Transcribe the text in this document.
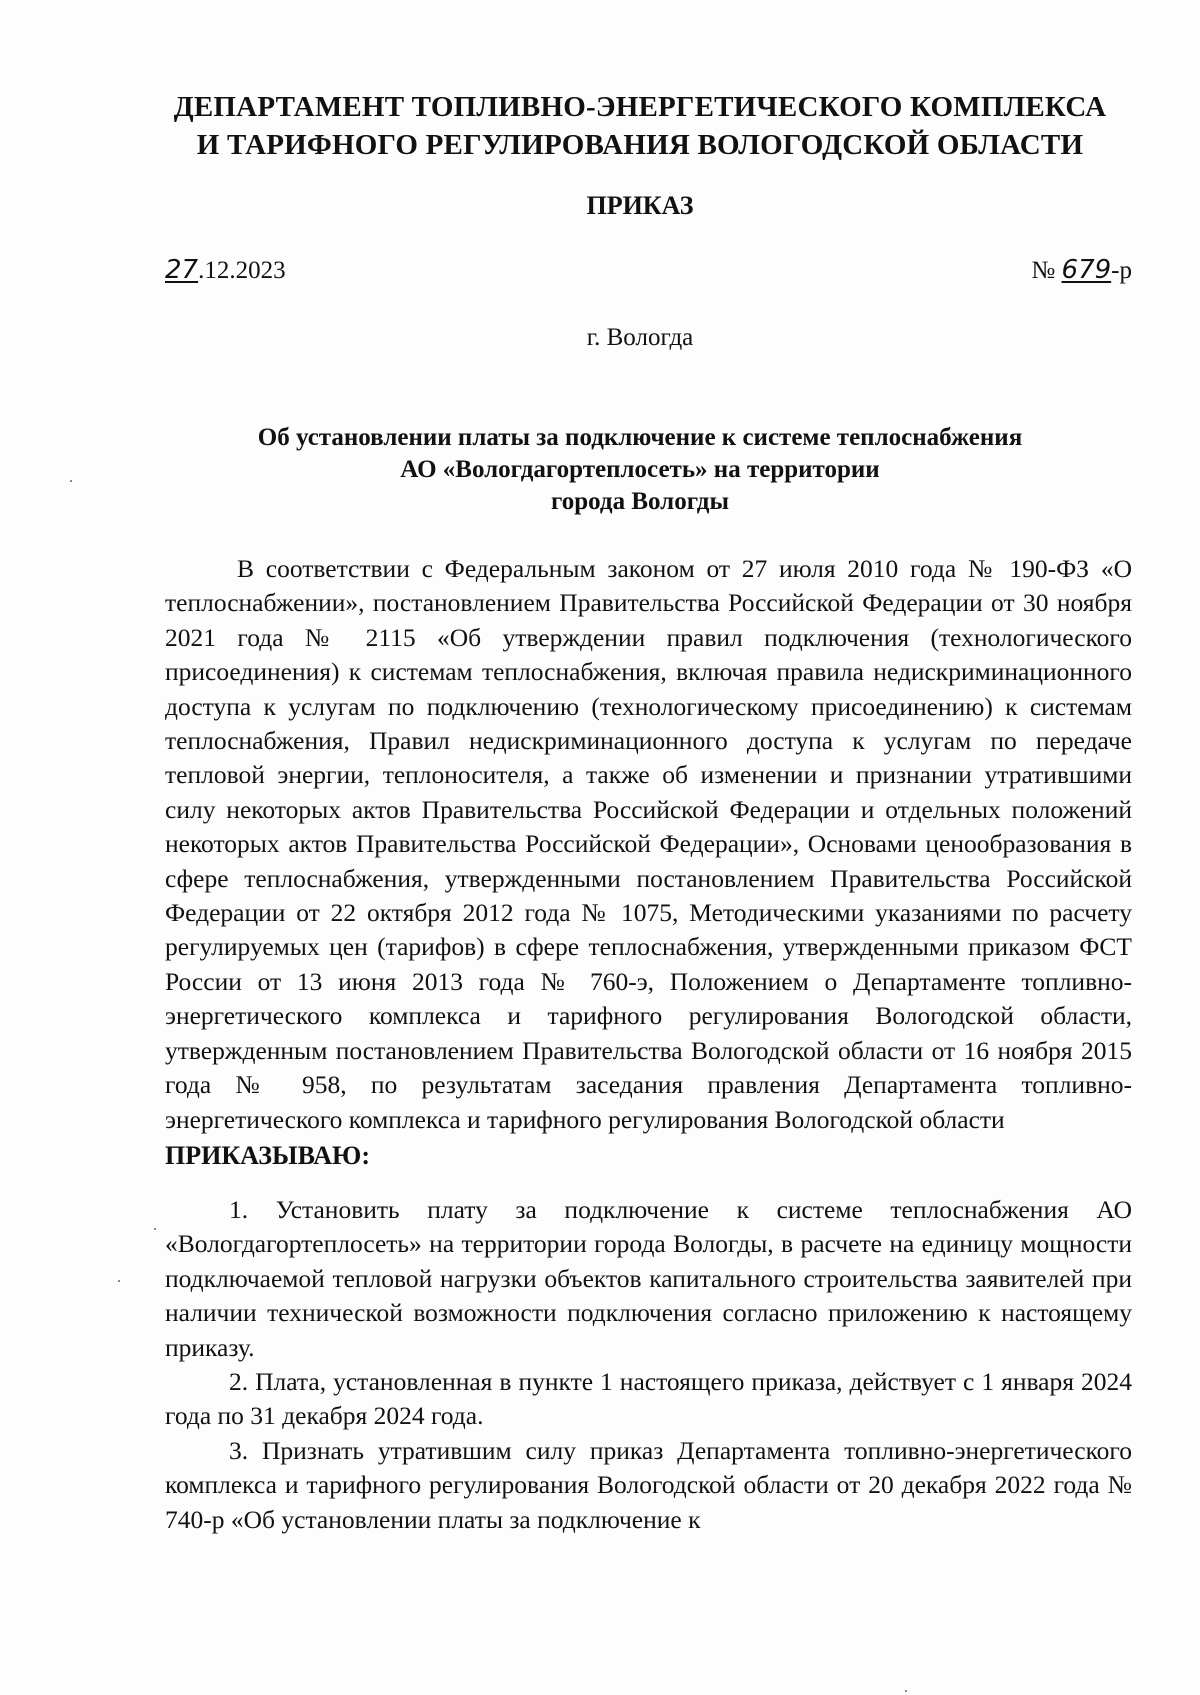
ДЕПАРТАМЕНТ ТОПЛИВНО-ЭНЕРГЕТИЧЕСКОГО КОМПЛЕКСА
И ТАРИФНОГО РЕГУЛИРОВАНИЯ ВОЛОГОДСКОЙ ОБЛАСТИ
ПРИКАЗ
27.12.2023	№ 679-р
г. Вологда
Об установлении платы за подключение к системе теплоснабжения
АО «Вологдагортеплосеть» на территории
города Вологды

В соответствии с Федеральным законом от 27 июля 2010 года № 190-ФЗ «О теплоснабжении», постановлением Правительства Российской Федерации от 30 ноября 2021 года № 2115 «Об утверждении правил подключения (технологического присоединения) к системам теплоснабжения, включая правила недискриминационного доступа к услугам по подключению (технологическому присоединению) к системам теплоснабжения, Правил недискриминационного доступа к услугам по передаче тепловой энергии, теплоносителя, а также об изменении и признании утратившими силу некоторых актов Правительства Российской Федерации и отдельных положений некоторых актов Правительства Российской Федерации», Основами ценообразования в сфере теплоснабжения, утвержденными постановлением Правительства Российской Федерации от 22 октября 2012 года № 1075, Методическими указаниями по расчету регулируемых цен (тарифов) в сфере теплоснабжения, утвержденными приказом ФСТ России от 13 июня 2013 года № 760-э, Положением о Департаменте топливно-энергетического комплекса и тарифного регулирования Вологодской области, утвержденным постановлением Правительства Вологодской области от 16 ноября 2015 года № 958, по результатам заседания правления Департамента топливно-энергетического комплекса и тарифного регулирования Вологодской области

ПРИКАЗЫВАЮ:

1. Установить плату за подключение к системе теплоснабжения АО «Вологдагортеплосеть» на территории города Вологды, в расчете на единицу мощности подключаемой тепловой нагрузки объектов капитального строительства заявителей при наличии технической возможности подключения согласно приложению к настоящему приказу.

2. Плата, установленная в пункте 1 настоящего приказа, действует с 1 января 2024 года по 31 декабря 2024 года.

3. Признать утратившим силу приказ Департамента топливно-энергетического комплекса и тарифного регулирования Вологодской области от 20 декабря 2022 года № 740-р «Об установлении платы за подключение к
